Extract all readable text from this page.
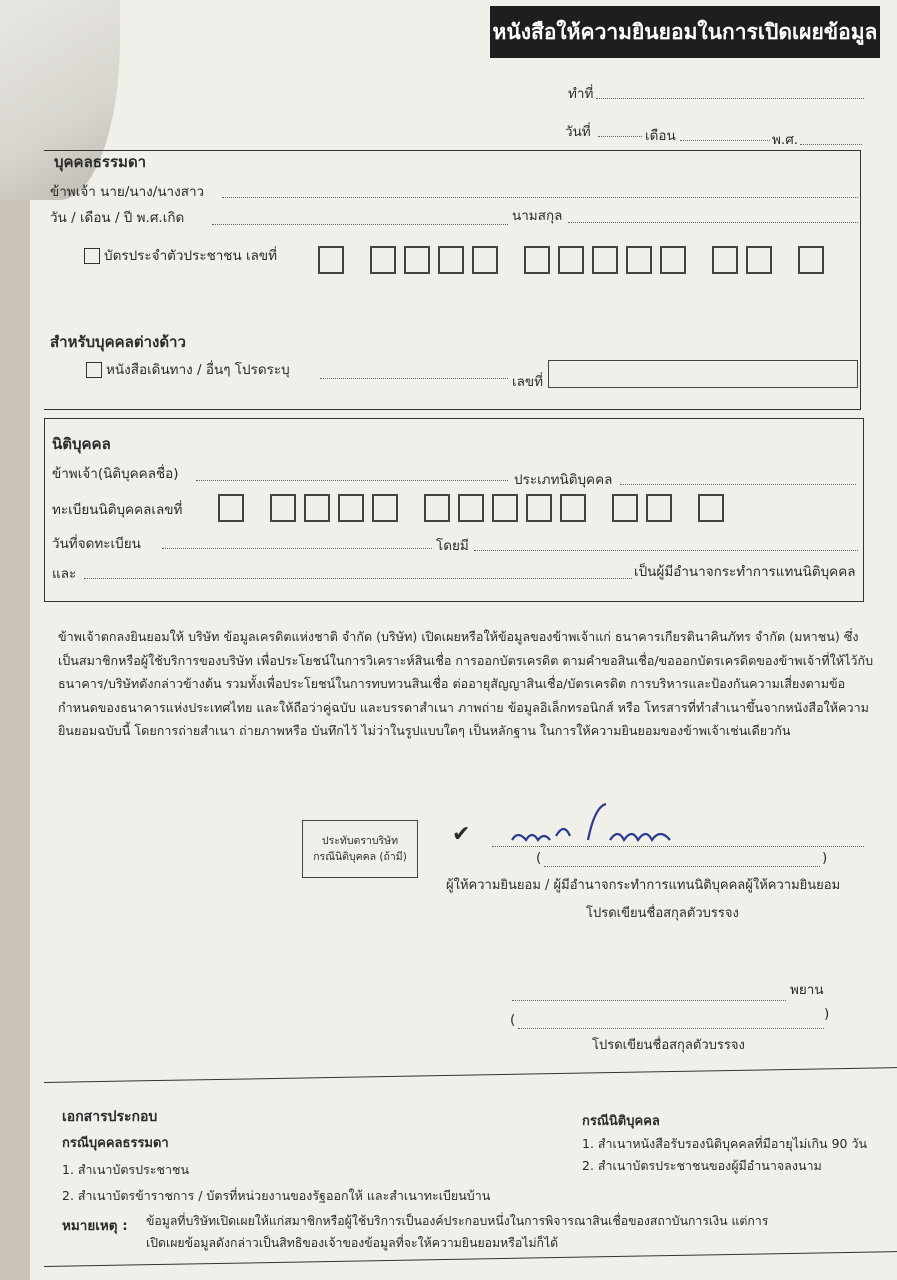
หนังสือให้ความยินยอมในการเปิดเผยข้อมูล
ทำที่
วันที่	เดือน	พ.ศ.
บุคคลธรรมดา
ข้าพเจ้า นาย/นาง/นางสาว
วัน / เดือน / ปี พ.ศ.เกิด	นามสกุล
บัตรประจำตัวประชาชน เลขที่
สำหรับบุคคลต่างด้าว
หนังสือเดินทาง / อื่นๆ โปรดระบุ
เลขที่
นิติบุคคล
ข้าพเจ้า(นิติบุคคลชื่อ)	ประเภทนิติบุคคล
ทะเบียนนิติบุคคลเลขที่
วันที่จดทะเบียน	โดยมี
และ	เป็นผู้มีอำนาจกระทำการแทนนิติบุคคล
ข้าพเจ้าตกลงยินยอมให้ บริษัท ข้อมูลเครดิตแห่งชาติ จำกัด (บริษัท) เปิดเผยหรือให้ข้อมูลของข้าพเจ้าแก่ ธนาคารเกียรตินาคินภัทร จำกัด (มหาชน) ซึ่งเป็นสมาชิกหรือผู้ใช้บริการของบริษัท เพื่อประโยชน์ในการวิเคราะห์สินเชื่อ การออกบัตรเครดิต ตามคำขอสินเชื่อ/ขอออกบัตรเครดิตของข้าพเจ้าที่ให้ไว้กับธนาคาร/บริษัทดังกล่าวข้างต้น รวมทั้งเพื่อประโยชน์ในการทบทวนสินเชื่อ ต่ออายุสัญญาสินเชื่อ/บัตรเครดิต การบริหารและป้องกันความเสี่ยงตามข้อกำหนดของธนาคารแห่งประเทศไทย และให้ถือว่าคู่ฉบับ และบรรดาสำเนา ภาพถ่าย ข้อมูลอิเล็กทรอนิกส์ หรือ โทรสารที่ทำสำเนาขึ้นจากหนังสือให้ความยินยอมฉบับนี้ โดยการถ่ายสำเนา ถ่ายภาพหรือ บันทึกไว้ ไม่ว่าในรูปแบบใดๆ เป็นหลักฐาน ในการให้ความยินยอมของข้าพเจ้าเช่นเดียวกัน
ประทับตราบริษัท
กรณีนิติบุคคล (ถ้ามี)
✔
(	)
ผู้ให้ความยินยอม / ผู้มีอำนาจกระทำการแทนนิติบุคคลผู้ให้ความยินยอม
โปรดเขียนชื่อสกุลตัวบรรจง
พยาน
(	)
โปรดเขียนชื่อสกุลตัวบรรจง
เอกสารประกอบ
กรณีบุคคลธรรมดา
1. สำเนาบัตรประชาชน
2. สำเนาบัตรข้าราชการ / บัตรที่หน่วยงานของรัฐออกให้ และสำเนาทะเบียนบ้าน
กรณีนิติบุคคล
1. สำเนาหนังสือรับรองนิติบุคคลที่มีอายุไม่เกิน 90 วัน
2. สำเนาบัตรประชาชนของผู้มีอำนาจลงนาม
หมายเหตุ : ข้อมูลที่บริษัทเปิดเผยให้แก่สมาชิกหรือผู้ใช้บริการเป็นองค์ประกอบหนึ่งในการพิจารณาสินเชื่อของสถาบันการเงิน แต่การ
เปิดเผยข้อมูลดังกล่าวเป็นสิทธิของเจ้าของข้อมูลที่จะให้ความยินยอมหรือไม่ก็ได้
